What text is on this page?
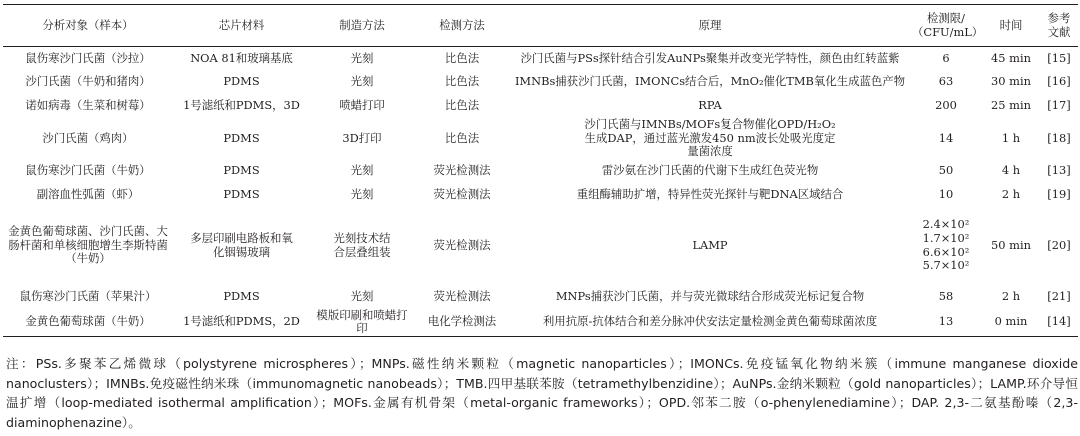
分析对象（样本）	芯片材料	制造方法	检测方法	原理	检测限/（CFU/mL）	时间	参考文献
鼠伤寒沙门氏菌（沙拉）	NOA 81和玻璃基底	光刻	比色法	沙门氏菌与PSs探针结合引发AuNPs聚集并改变光学特性，颜色由红转蓝紫	6	45 min	[15]
沙门氏菌（牛奶和猪肉）	PDMS	光刻	比色法	IMNBs捕获沙门氏菌，IMONCs结合后，MnO₂催化TMB氧化生成蓝色产物	63	30 min	[16]
诺如病毒（生菜和树莓）	1号滤纸和PDMS，3D	喷蜡打印	比色法	RPA	200	25 min	[17]
沙门氏菌（鸡肉）	PDMS	3D打印	比色法	沙门氏菌与IMNBs/MOFs复合物催化OPD/H₂O₂生成DAP，通过蓝光激发450 nm波长处吸光度定量菌浓度	14	1 h	[18]
鼠伤寒沙门氏菌（牛奶）	PDMS	光刻	荧光检测法	雷沙氨在沙门氏菌的代谢下生成红色荧光物	50	4 h	[13]
副溶血性弧菌（虾）	PDMS	光刻	荧光检测法	重组酶辅助扩增，特异性荧光探针与靶DNA区域结合	10	2 h	[19]
金黄色葡萄球菌、沙门氏菌、大肠杆菌和单核细胞增生李斯特菌（牛奶）	多层印刷电路板和氧化铟锡玻璃	光刻技术结合层叠组装	荧光检测法	LAMP	2.4×10²
1.7×10²
6.6×10²
5.7×10²	50 min	[20]
鼠伤寒沙门氏菌（苹果汁）	PDMS	光刻	荧光检测法	MNPs捕获沙门氏菌，并与荧光微球结合形成荧光标记复合物	58	2 h	[21]
金黄色葡萄球菌（牛奶）	1号滤纸和PDMS，2D	模版印刷和喷蜡打印	电化学检测法	利用抗原-抗体结合和差分脉冲伏安法定量检测金黄色葡萄球菌浓度	13	0 min	[14]
注：PSs.多聚苯乙烯微球（polystyrene microspheres）；MNPs.磁性纳米颗粒（magnetic nanoparticles）；IMONCs.免疫锰氧化物纳米簇（immune manganese dioxide nanoclusters）；IMNBs.免疫磁性纳米珠（immunomagnetic nanobeads）；TMB.四甲基联苯胺（tetramethylbenzidine）；AuNPs.金纳米颗粒（gold nanoparticles）；LAMP.环介导恒温扩增（loop-mediated isothermal amplification）；MOFs.金属有机骨架（metal-organic frameworks）；OPD.邻苯二胺（o-phenylenediamine）；DAP. 2,3-二氨基酚嗪（2,3-diaminophenazine）。
